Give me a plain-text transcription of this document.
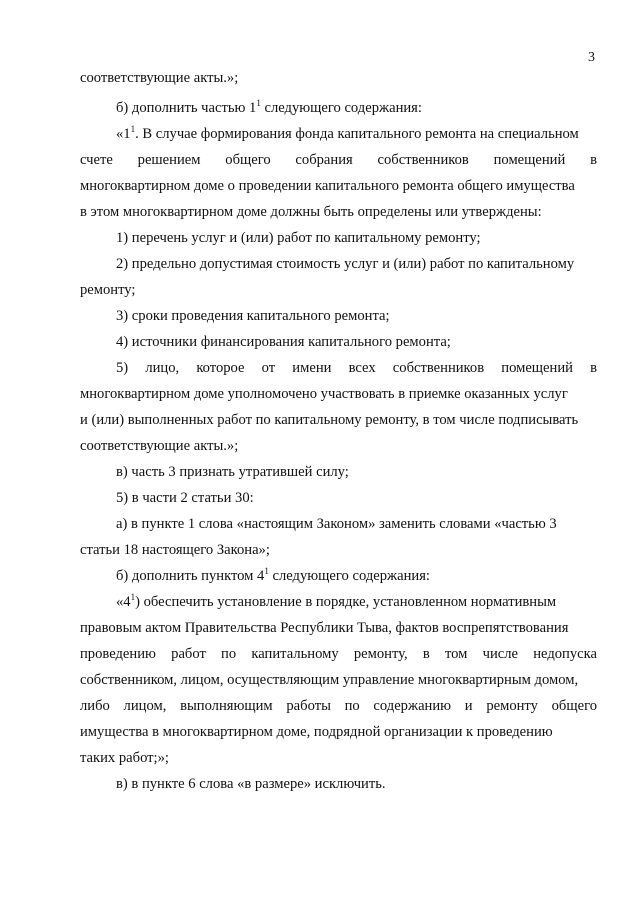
3
соответствующие акты.»;
б) дополнить частью $1^1$ следующего содержания:
«$1^1$. В случае формирования фонда капитального ремонта на специальном
счете решением общего собрания собственников помещений в
многоквартирном доме о проведении капитального ремонта общего имущества
в этом многоквартирном доме должны быть определены или утверждены:
1) перечень услуг и (или) работ по капитальному ремонту;
2) предельно допустимая стоимость услуг и (или) работ по капитальному
ремонту;
3) сроки проведения капитального ремонта;
4) источники финансирования капитального ремонта;
5) лицо, которое от имени всех собственников помещений в
многоквартирном доме уполномочено участвовать в приемке оказанных услуг
и (или) выполненных работ по капитальному ремонту, в том числе подписывать
соответствующие акты.»;
в) часть 3 признать утратившей силу;
5) в части 2 статьи 30:
а) в пункте 1 слова «настоящим Законом» заменить словами «частью 3
статьи 18 настоящего Закона»;
б) дополнить пунктом $4^1$ следующего содержания:
«$4^1$) обеспечить установление в порядке, установленном нормативным
правовым актом Правительства Республики Тыва, фактов воспрепятствования
проведению работ по капитальному ремонту, в том числе недопуска
собственником, лицом, осуществляющим управление многоквартирным домом,
либо лицом, выполняющим работы по содержанию и ремонту общего
имущества в многоквартирном доме, подрядной организации к проведению
таких работ;»;
в) в пункте 6 слова «в размере» исключить.
